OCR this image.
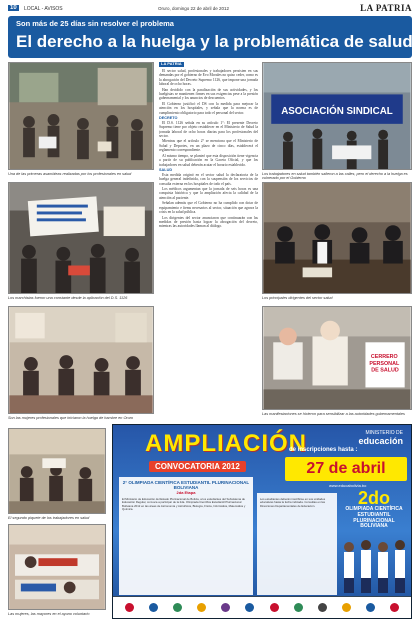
10	LOCAL - AVISOS	Oruro, domingo 22 de abril de 2012	LA PATRIA
Son más de 25 días sin resolver el problema
El derecho a la huelga y la problemática de salud
Una de las primeras asambleas realizadas por los profesionales en salud
ASOCIACIÓN SINDICAL
Los trabajadores en salud también salieron a las calles, pero el derecho a la huelga es vulnerado por el Gobierno
LA PATRIA

El sector salud, profesionales y trabajadores persisten en sus demandas por el gobierno de Evo Morales no quiso ceder, como es la abrogación del Decreto Supremo 1126, que impone una jornada laboral de ocho horas.

Han decidido con la paralización de sus actividades, y los huelgistas se mantienen firmes en sus exigencias pese a la presión gubernamental y los anuncios de descuentos.

El Gobierno justificó el DS con la medida para mejorar la atención en los hospitales, y señala que la norma es de cumplimiento obligatorio para todo el personal del sector.

DECRETO

El D.S. 1126 señala en su artículo 1°: El presente Decreto Supremo tiene por objeto restablecer en el Ministerio de Salud la jornada laboral de ocho horas diarias para los profesionales del sector.

Mientras que el artículo 2° se menciona que el Ministerio de Salud y Deportes, en un plazo de cinco días, establecerá el reglamento correspondiente.

Al mismo tiempo, se planteó que esta disposición tiene vigencia a partir de su publicación en la Gaceta Oficial, y que los trabajadores en salud deberán acatar el horario establecido.

SALUD

Esta medida originó en el sector salud la declaratoria de la huelga general indefinida, con la suspensión de los servicios de consulta externa en los hospitales de todo el país.

Los médicos argumentan que la jornada de seis horas es una conquista histórica y que la ampliación afecta la calidad de la atención al paciente.

Señalan además que el Gobierno no ha cumplido con dotar de equipamiento e ítems necesarios al sector, situación que agrava la crisis en la salud pública.

Los dirigentes del sector anunciaron que continuarán con las medidas de presión hasta lograr la abrogación del decreto, mientras las autoridades llaman al diálogo.

Los marchistas fueron una constante desde la aplicación del D.S. 1126	Los principales dirigentes del sector salud
Son las mujeres profesionales que iniciaron la huelga de hambre en Oruro
CERRERO PERSONAL DE SALUD
Las manifestaciones se hicieron para sensibilizar a las autoridades gubernamentales
El segundo piquete de los trabajadores en salud
Las mujeres, las mayores en el ayuno voluntario
MINISTERIO DE
educación
AMPLIACIÓN
CONVOCATORIA 2012
de inscripciones hasta :
27 de abril
www.educabolivia.bo
2° OLIMPIADA CIENTÍFICA ESTUDIANTIL PLURINACIONAL BOLIVIANA
2da Etapa
El Ministerio de Educación del Estado Plurinacional de Bolivia, a los estudiantes del Subsistema de Educación Regular, convoca a participar de la 2da. Olimpiada Científica Estudiantil Plurinacional Boliviana 2012 en las áreas de Astronomía y Astrofísica, Biología, Física, Informática, Matemática y Química.
Los estudiantes deberán inscribirse en sus unidades educativas hasta la fecha indicada. Consultas en las Direcciones Departamentales de Educación.	2do
OLIMPIADA CIENTÍFICA ESTUDIANTIL PLURINACIONAL BOLIVIANA
